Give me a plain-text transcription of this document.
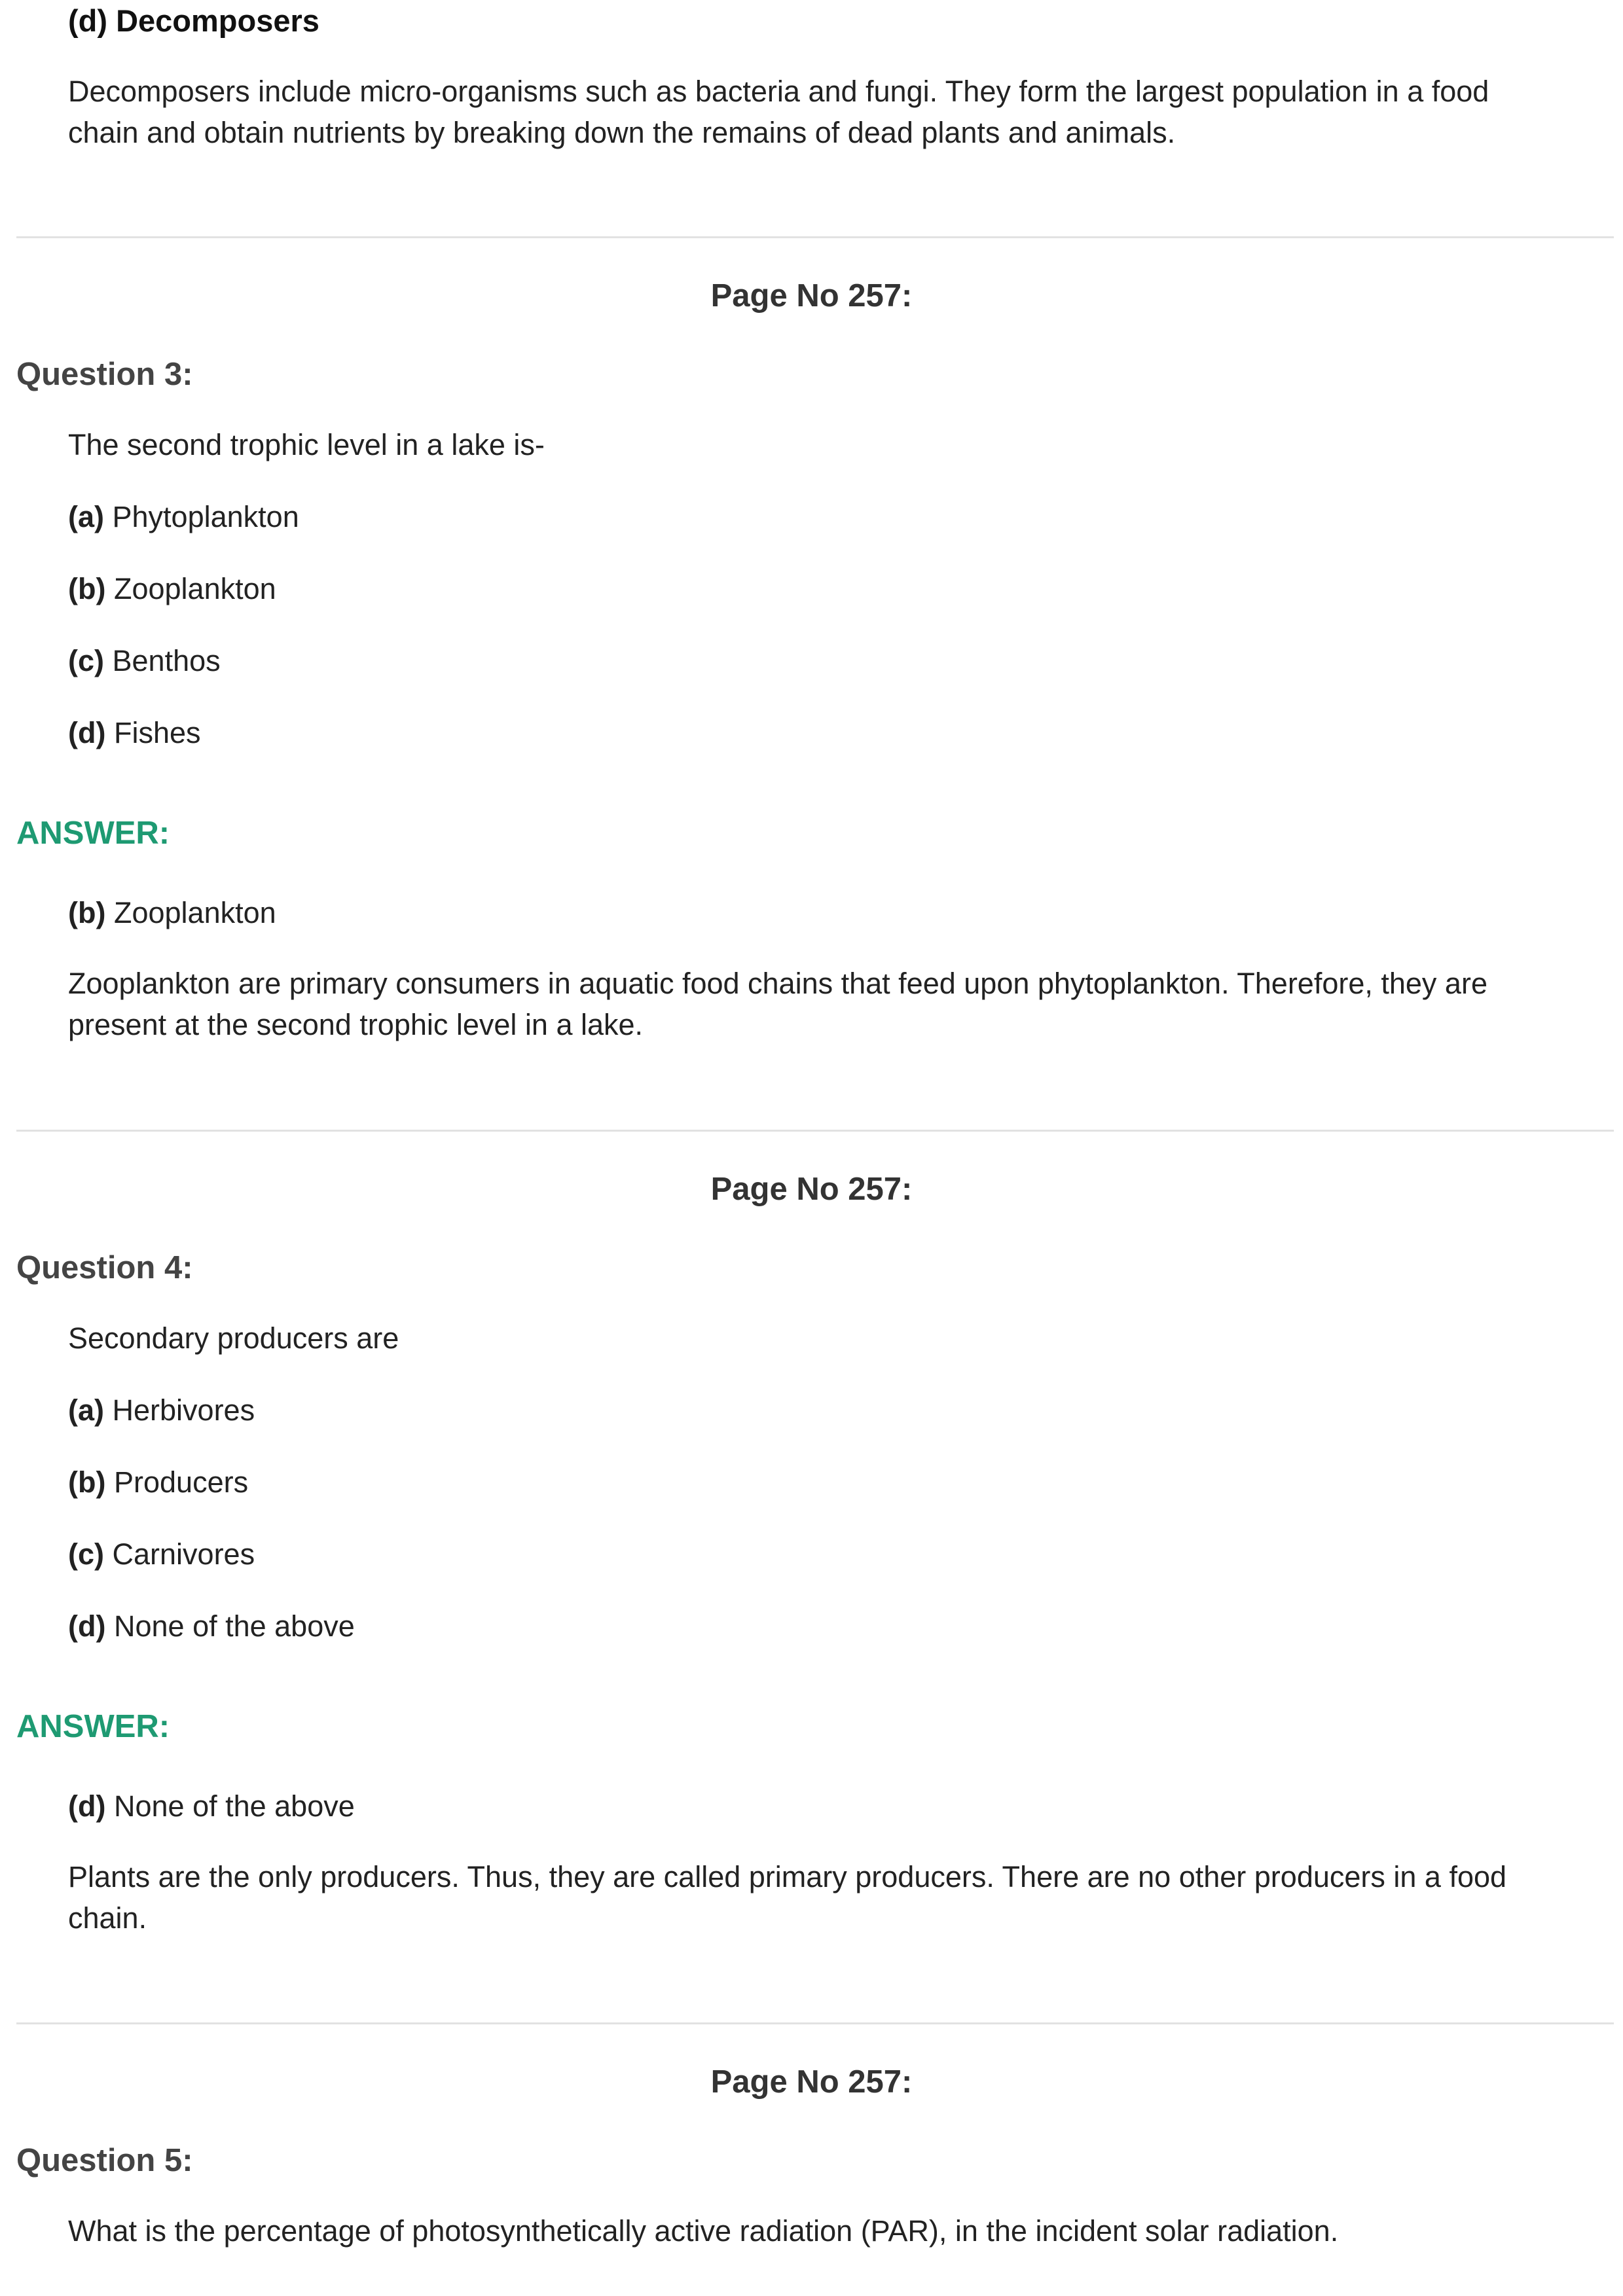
(d) Decomposers
Decomposers include micro-organisms such as bacteria and fungi. They form the largest population in a food
chain and obtain nutrients by breaking down the remains of dead plants and animals.
Page No 257:
Question 3:
The second trophic level in a lake is-
(a) Phytoplankton
(b) Zooplankton
(c) Benthos
(d) Fishes
ANSWER:
(b) Zooplankton
Zooplankton are primary consumers in aquatic food chains that feed upon phytoplankton. Therefore, they are
present at the second trophic level in a lake.
Page No 257:
Question 4:
Secondary producers are
(a) Herbivores
(b) Producers
(c) Carnivores
(d) None of the above
ANSWER:
(d) None of the above
Plants are the only producers. Thus, they are called primary producers. There are no other producers in a food
chain.
Page No 257:
Question 5:
What is the percentage of photosynthetically active radiation (PAR), in the incident solar radiation.
